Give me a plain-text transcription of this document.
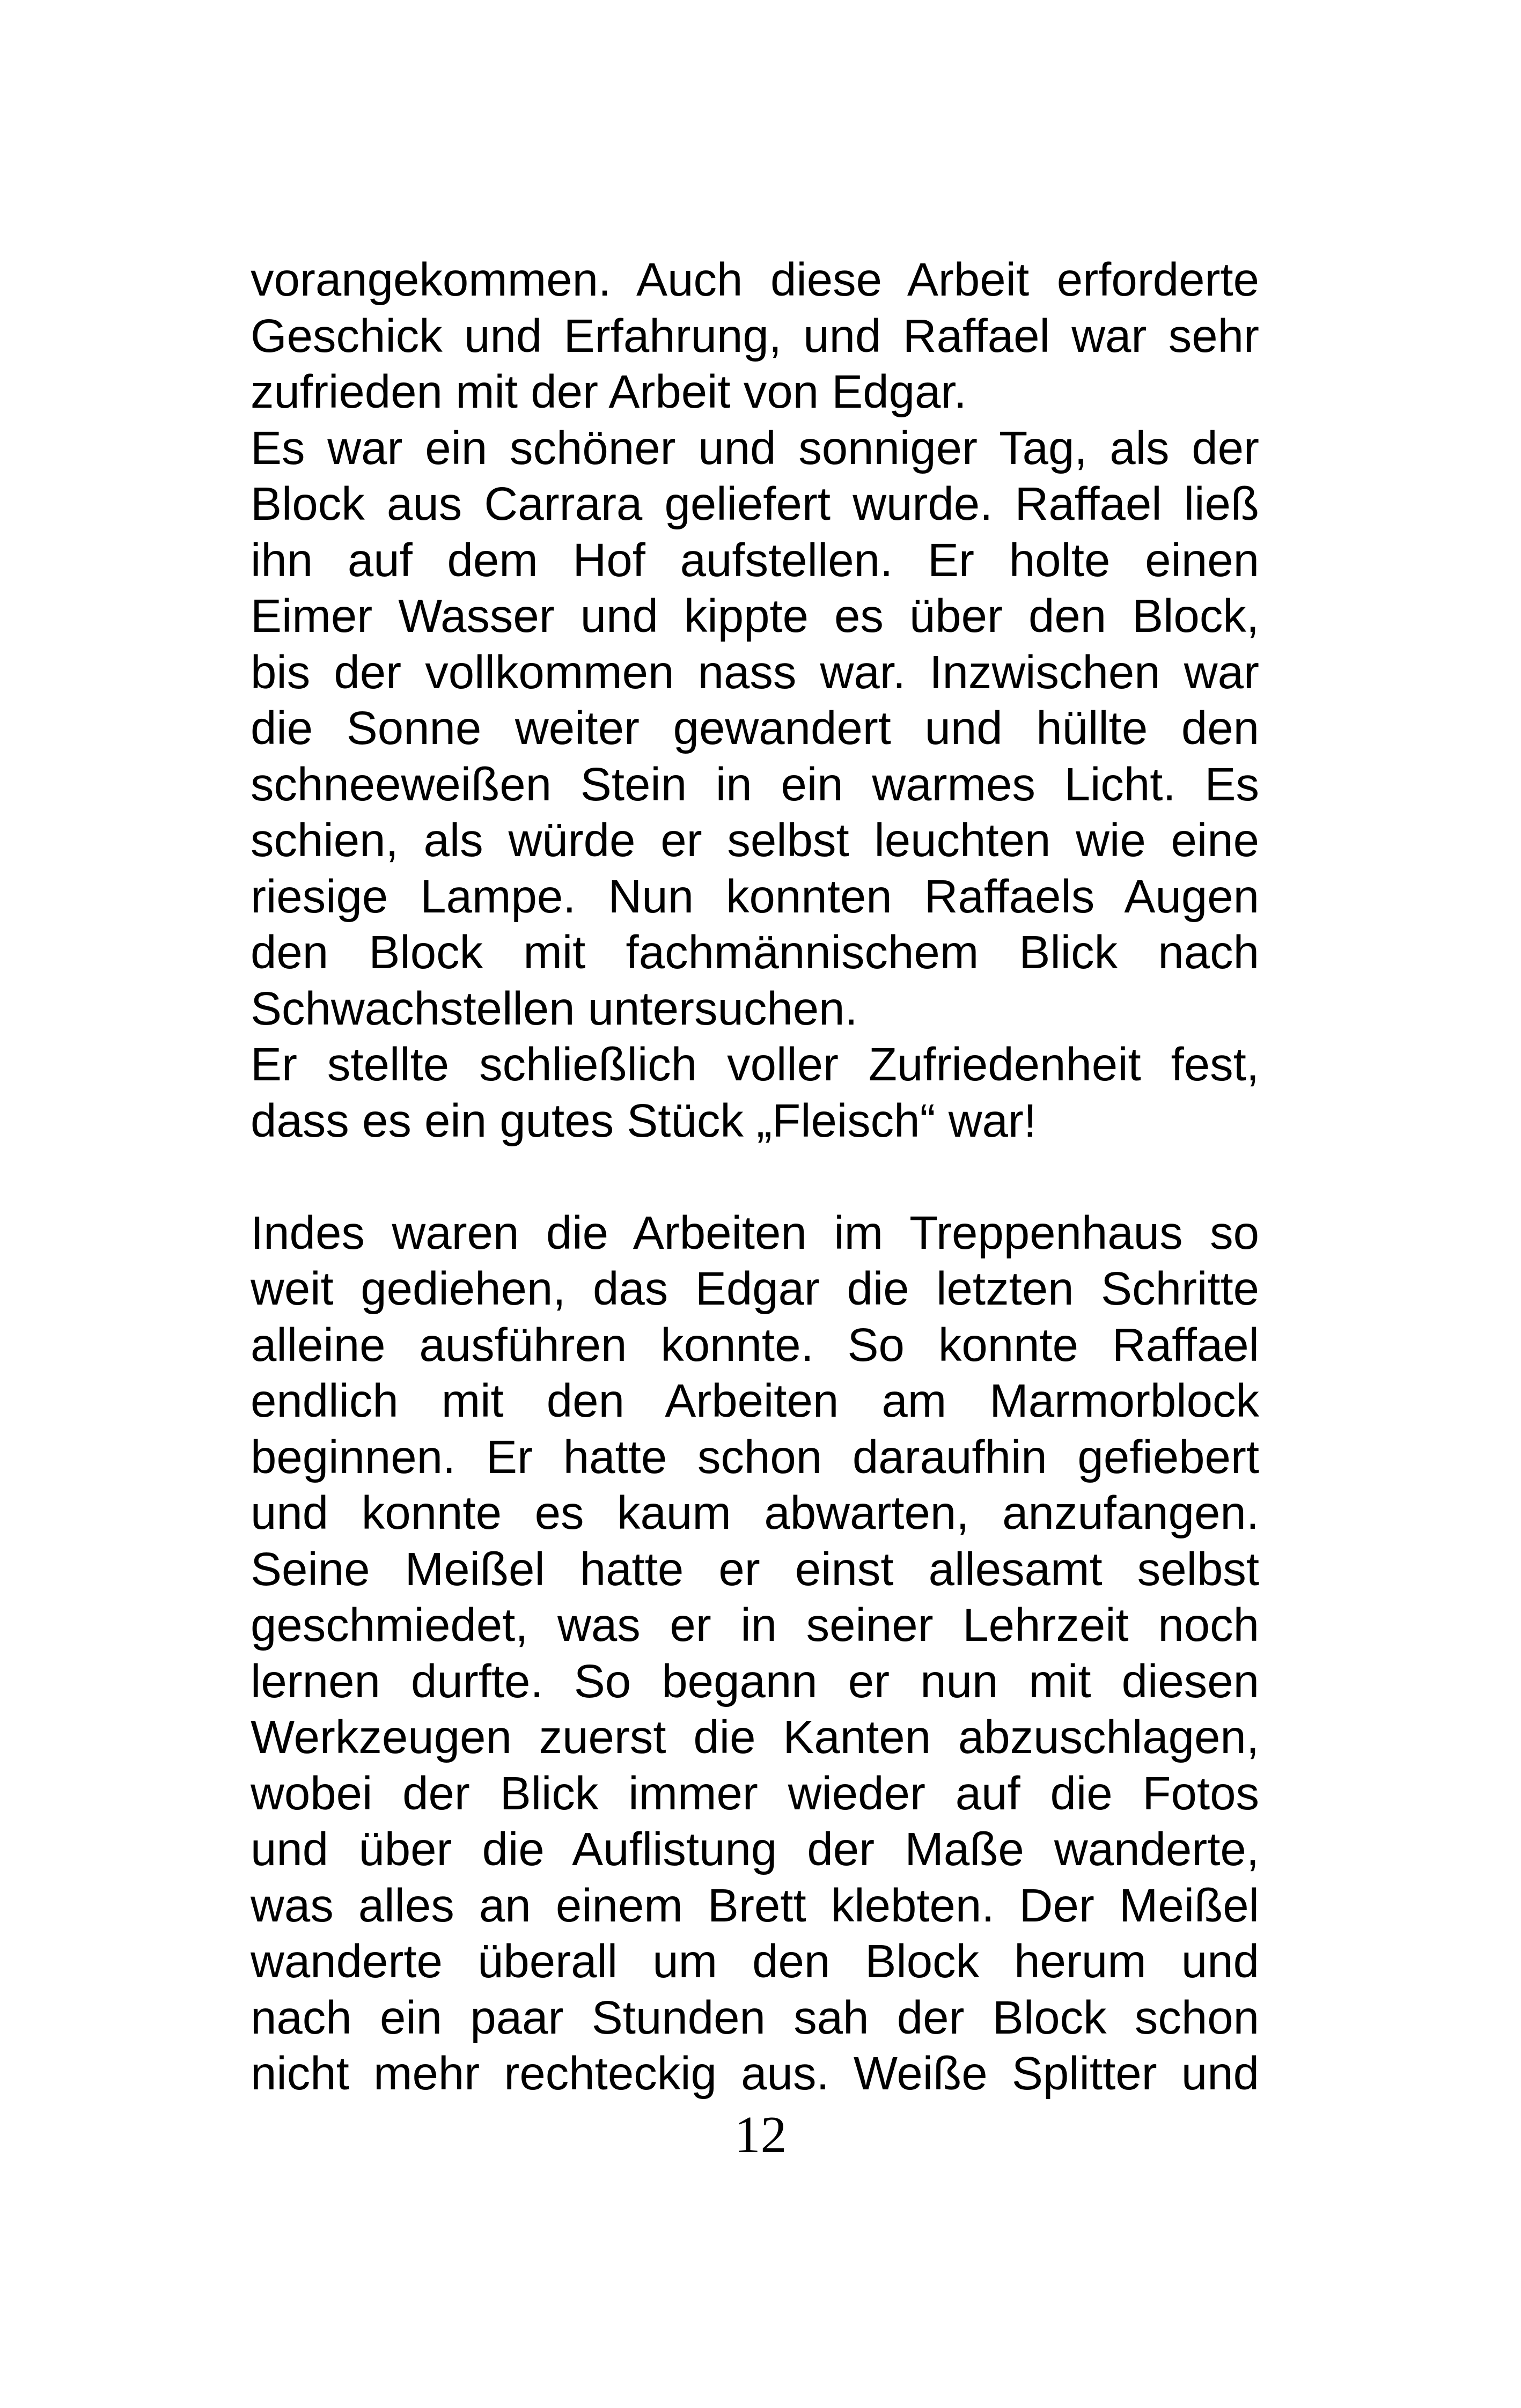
vorangekommen. Auch diese Arbeit erforderte
Geschick und Erfahrung, und Raffael war sehr
zufrieden mit der Arbeit von Edgar.
Es war ein schöner und sonniger Tag, als der
Block aus Carrara geliefert wurde. Raffael ließ
ihn auf dem Hof aufstellen. Er holte einen
Eimer Wasser und kippte es über den Block,
bis der vollkommen nass war. Inzwischen war
die Sonne weiter gewandert und hüllte den
schneeweißen Stein in ein warmes Licht. Es
schien, als würde er selbst leuchten wie eine
riesige Lampe. Nun konnten Raffaels Augen
den Block mit fachmännischem Blick nach
Schwachstellen untersuchen.
Er stellte schließlich voller Zufriedenheit fest,
dass es ein gutes Stück „Fleisch“ war!
Indes waren die Arbeiten im Treppenhaus so
weit gediehen, das Edgar die letzten Schritte
alleine ausführen konnte. So konnte Raffael
endlich mit den Arbeiten am Marmorblock
beginnen. Er hatte schon daraufhin gefiebert
und konnte es kaum abwarten, anzufangen.
Seine Meißel hatte er einst allesamt selbst
geschmiedet, was er in seiner Lehrzeit noch
lernen durfte. So begann er nun mit diesen
Werkzeugen zuerst die Kanten abzuschlagen,
wobei der Blick immer wieder auf die Fotos
und über die Auflistung der Maße wanderte,
was alles an einem Brett klebten. Der Meißel
wanderte überall um den Block herum und
nach ein paar Stunden sah der Block schon
nicht mehr rechteckig aus. Weiße Splitter und
12
